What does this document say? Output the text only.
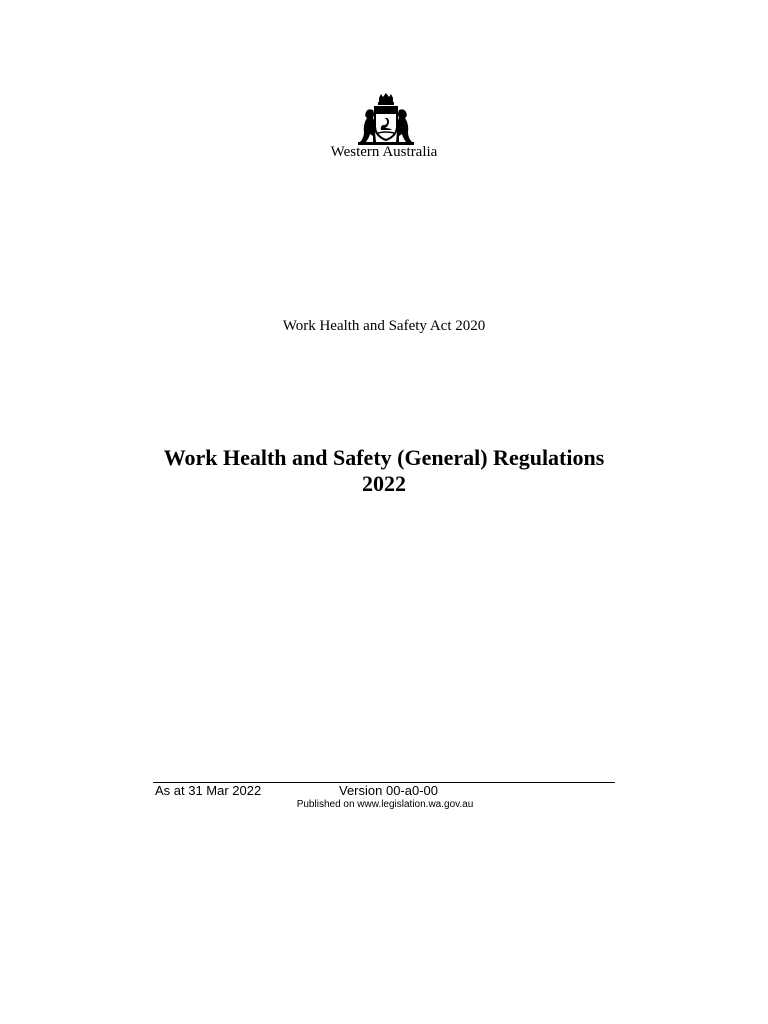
Western Australia
Work Health and Safety Act 2020
Work Health and Safety (General) Regulations
2022
As at 31 Mar 2022	Version 00-a0-00
Published on www.legislation.wa.gov.au
